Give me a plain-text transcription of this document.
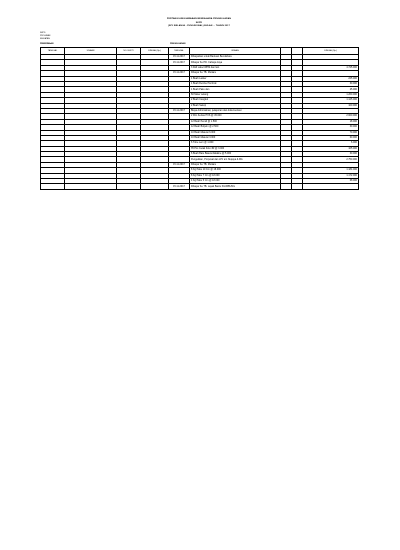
PERTANGGUNGJAWABAN BENDAHARA PENGELUARAN
SKPD
(SPJ BELANJA - FUNGSIONAL) BULAN ... TAHUN 2017
SKPD
PROGRAM
KEGIATAN
PENERIMAAN	PENGELUARAN
TANGGAL	URAIAN	NO. BUKTI	JUMLAH (Rp.)	TANGGAL	URAIAN			JUMLAH (Rp.)
				15.11.2017	Dibayarkan untuk Bantuan Bendahara			
				15.11.2017	Dibayar Ke PD. Cahaya Jaya			
					3 Roll Label WPM dan lain			4.725.000
				15.11.2017	Dibayar Ke TB. Mutiara			
					1 Buah Lacker			225.000
					1 Buah Dembel Tembok			30.000
					1 Buah Paku dan			25.000
					60 Meter selang			1.260.000
					2 Buah Cangkul			1.125.000
					2 Buah Sekop			100.000
				15.11.2017	Biaya Administrasi, pelaporan dan dokumentasi			
					2 Rim Kertas HVS @ 45.000			2.600.000
					12 Buah Pensil @ 1.500			18.000
					12 Buah Bolpoin @ 2.500			30.000
					10 Buah Materai 6.000			70.000
					10 Buah Materai 3.000			60.000
					6 Tube Lem @ 1.000			6.000
					35 Pcs Cetak Foto 3R @ 3.000			105.000
					6 Buah Batu Baterai Alkaline @ 5.000			30.000
					Pengetikan, Proposal dan LPJ a/n Nuqaya & MA			2.750.000
				15.11.2017	Dibayar Ke TB. Mutiara			
					8 Kg Paku 10 Cm @ 18.000			1.184.000
					8 Kg Paku 7 Cm @ 18.000			1.172.000
					4 Kg Paku 5 Cm @ 18.000			68.000
				15.11.2017	Dibayar Ke TB. Layak Bantu KILIMBUNG			
